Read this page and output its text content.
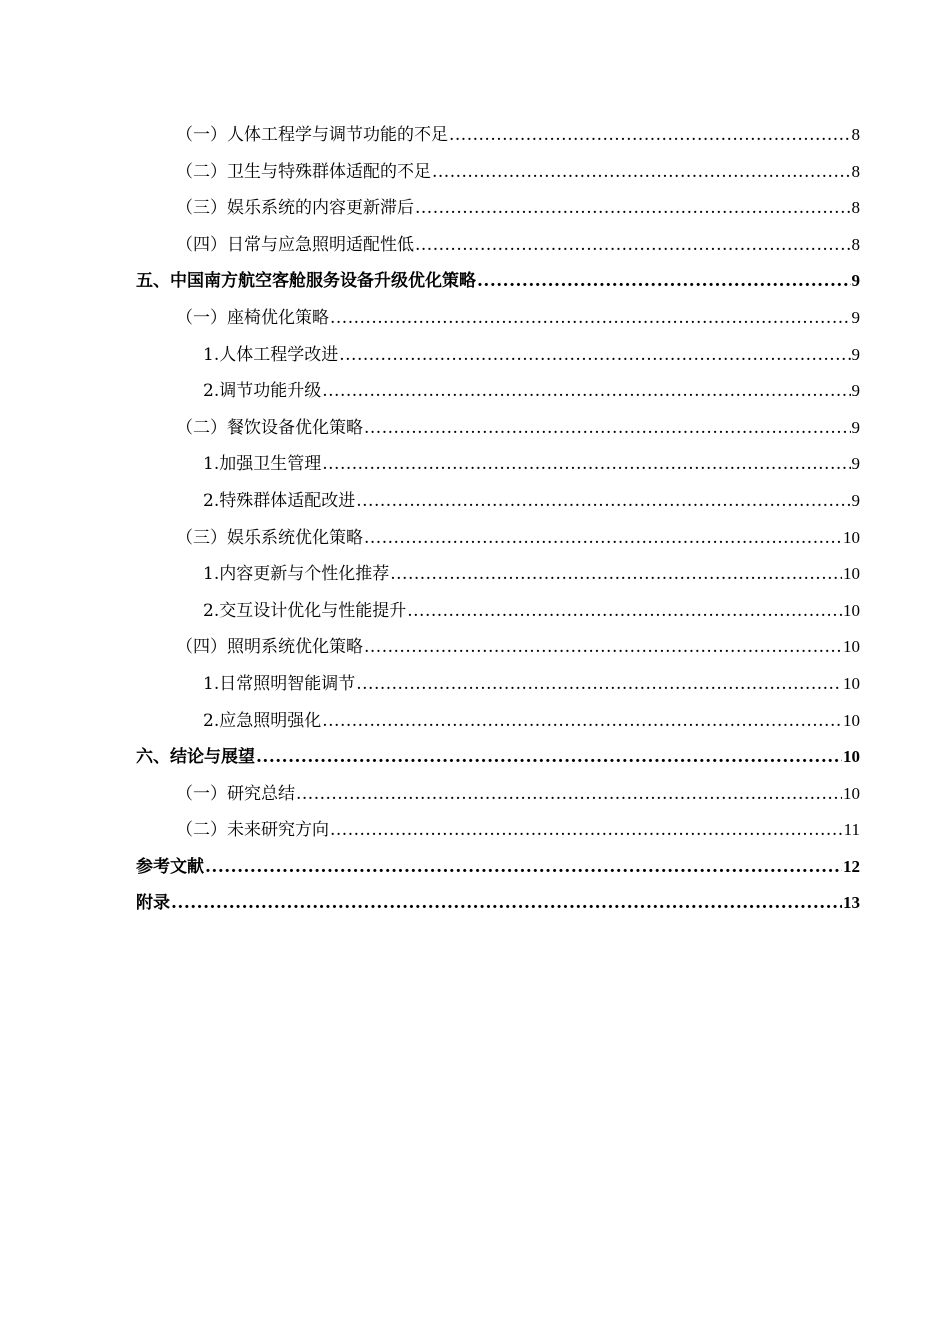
（一）人体工程学与调节功能的不足 .....	8
（二）卫生与特殊群体适配的不足 .....	8
（三）娱乐系统的内容更新滞后 .....	8
（四）日常与应急照明适配性低 .....	8
五、中国南方航空客舱服务设备升级优化策略 .....	9
（一）座椅优化策略 .....	9
1.人体工程学改进 .....	9
2.调节功能升级 .....	9
（二）餐饮设备优化策略 .....	9
1.加强卫生管理 .....	9
2.特殊群体适配改进 .....	9
（三）娱乐系统优化策略 .....	10
1.内容更新与个性化推荐 .....	10
2.交互设计优化与性能提升 .....	10
（四）照明系统优化策略 .....	10
1.日常照明智能调节 .....	10
2.应急照明强化 .....	10
六、结论与展望 .....	10
（一）研究总结 .....	10
（二）未来研究方向 .....	11
参考文献 .....	12
附录 .....	13
